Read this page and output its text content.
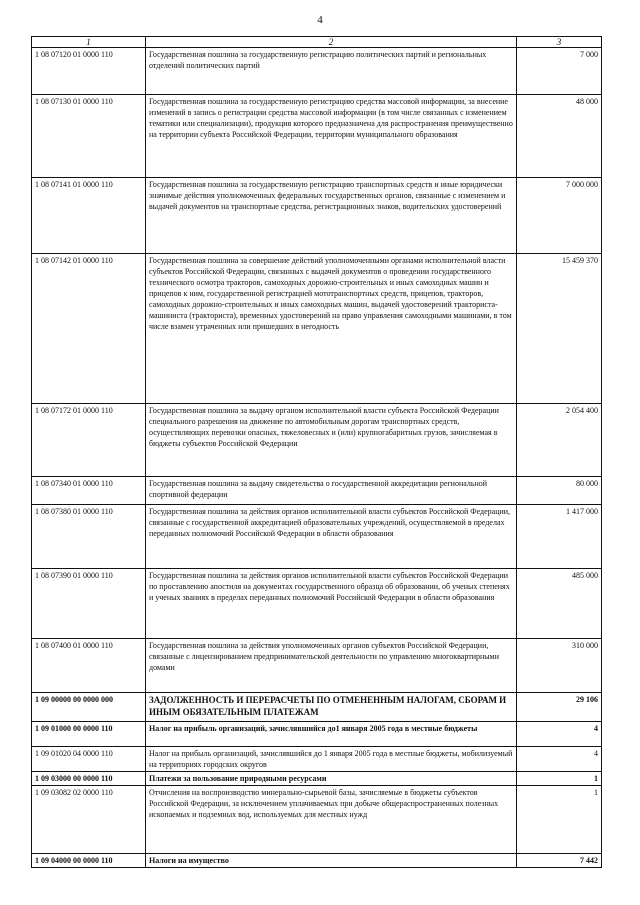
4
1	2	3
1 08 07120 01 0000 110	Государственная пошлина за государственную регистрацию политических партий и региональных отделений политических партий	7 000
1 08 07130 01 0000 110	Государственная пошлина за государственную регистрацию средства массовой информации, за внесение изменений в запись о регистрации средства массовой информации (в том числе связанных с изменением тематики или специализации), продукция которого предназначена для распространения преимущественно на территории субъекта Российской Федерации, территории муниципального образования	48 000
1 08 07141 01 0000 110	Государственная пошлина за государственную регистрацию транспортных средств и иные юридически значимые действия уполномоченных федеральных государственных органов, связанные с изменением и выдачей документов на транспортные средства, регистрационных знаков, водительских удостоверений	7 000 000
1 08 07142 01 0000 110	Государственная пошлина за совершение действий уполномоченными органами исполнительной власти субъектов Российской Федерации, связанных с выдачей документов о проведении государственного технического осмотра тракторов, самоходных дорожно-строительных и иных самоходных машин и прицепов к ним, государственной регистрацией мототранспортных средств, прицепов, тракторов, самоходных дорожно-строительных и иных самоходных машин, выдачей удостоверений тракториста-машиниста (тракториста), временных удостоверений на право управления самоходными машинами, в том числе взамен утраченных или пришедших в негодность	15 459 370
1 08 07172 01 0000 110	Государственная пошлина за выдачу органом исполнительной власти субъекта Российской Федерации специального разрешения на движение по автомобильным дорогам транспортных средств, осуществляющих перевозки опасных, тяжеловесных и (или) крупногабаритных грузов, зачисляемая в бюджеты субъектов Российской Федерации	2 054 400
1 08 07340 01 0000 110	Государственная пошлина за выдачу свидетельства о государственной аккредитации региональной спортивной федерации	80 000
1 08 07380 01 0000 110	Государственная пошлина за действия органов исполнительной власти субъектов Российской Федерации, связанные с государственной аккредитацией образовательных учреждений, осуществляемой в пределах переданных полномочий Российской Федерации в области образования	1 417 000
1 08 07390 01 0000 110	Государственная пошлина за действия органов исполнительной власти субъектов Российской Федерации по проставлению апостиля на документах государственного образца об образовании, об ученых степенях и ученых званиях в пределах переданных полномочий Российской Федерации в области образования	485 000
1 08 07400 01 0000 110	Государственная пошлина за действия уполномоченных органов субъектов Российской Федерации, связанные с лицензированием предпринимательской деятельности по управлению многоквартирными домами	310 000
1 09 00000 00 0000 000	ЗАДОЛЖЕННОСТЬ И ПЕРЕРАСЧЕТЫ ПО ОТМЕНЕННЫМ НАЛОГАМ, СБОРАМ И ИНЫМ ОБЯЗАТЕЛЬНЫМ ПЛАТЕЖАМ	29 106
1 09 01000 00 0000 110	Налог на прибыль организаций, зачислявшийся до1 января 2005 года в местные бюджеты	4
1 09 01020 04 0000 110	Налог на прибыль организаций, зачислявшийся до 1 января 2005 года в местные бюджеты, мобилизуемый на территориях городских округов	4
1 09 03000 00 0000 110	Платежи за пользование природными ресурсами	1
1 09 03082 02 0000 110	Отчисления на воспроизводство минерально-сырьевой базы, зачисляемые в бюджеты субъектов Российской Федерации, за исключением уплачиваемых при добыче общераспространенных полезных ископаемых и подземных вод, используемых для местных нужд	1
1 09 04000 00 0000 110	Налоги на имущество	7 442
